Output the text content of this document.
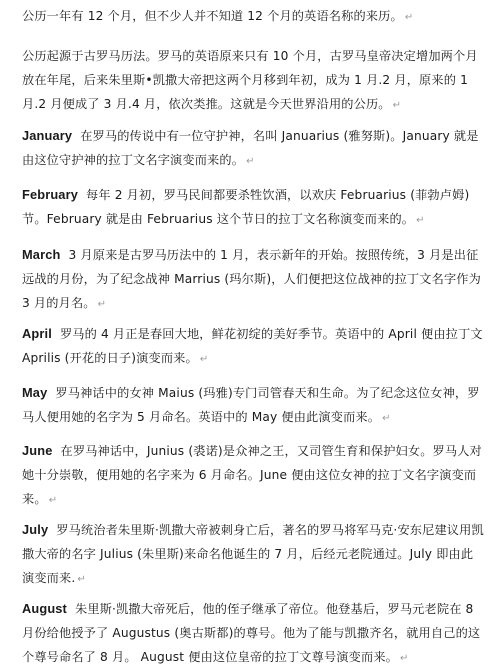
公历一年有 12 个月，但不少人并不知道 12 个月的英语名称的来历。 ↵

公历起源于古罗马历法。罗马的英语原来只有 10 个月，古罗马皇帝决定增加两个月放在年尾，后来朱里斯•凯撒大帝把这两个月移到年初，成为 1 月.2 月，原来的 1 月.2 月便成了 3 月.4 月，依次类推。这就是今天世界沿用的公历。 ↵

January 在罗马的传说中有一位守护神，名叫 Januarius (雅努斯)。January 就是由这位守护神的拉丁文名字演变而来的。 ↵

February 每年 2 月初，罗马民间都要杀牲饮酒，以欢庆 Februarius (菲勃卢姆)节。February 就是由 Februarius 这个节日的拉丁文名称演变而来的。 ↵

March 3 月原来是古罗马历法中的 1 月，表示新年的开始。按照传统，3 月是出征远战的月份，为了纪念战神 Marrius (玛尔斯)，人们便把这位战神的拉丁文名字作为 3 月的月名。 ↵

April 罗马的 4 月正是春回大地，鲜花初绽的美好季节。英语中的 April 便由拉丁文 Aprilis (开花的日子)演变而来。 ↵

May 罗马神话中的女神 Maius (玛雅)专门司管春天和生命。为了纪念这位女神，罗马人便用她的名字为 5 月命名。英语中的 May 便由此演变而来。 ↵

June 在罗马神话中，Junius (裘诺)是众神之王，又司管生育和保护妇女。罗马人对她十分崇敬，便用她的名字来为 6 月命名。June 便由这位女神的拉丁文名字演变而来。 ↵

July 罗马统治者朱里斯·凯撒大帝被刺身亡后，著名的罗马将军马克·安东尼建议用凯撒大帝的名字 Julius (朱里斯)来命名他诞生的 7 月，后经元老院通过。July 即由此演变而来. ↵

August 朱里斯·凯撒大帝死后，他的侄子继承了帝位。他登基后，罗马元老院在 8 月份给他授予了 Augustus (奥古斯都)的尊号。他为了能与凯撒齐名，就用自己的这个尊号命名了 8 月。 August 便由这位皇帝的拉丁文尊号演变而来。 ↵
